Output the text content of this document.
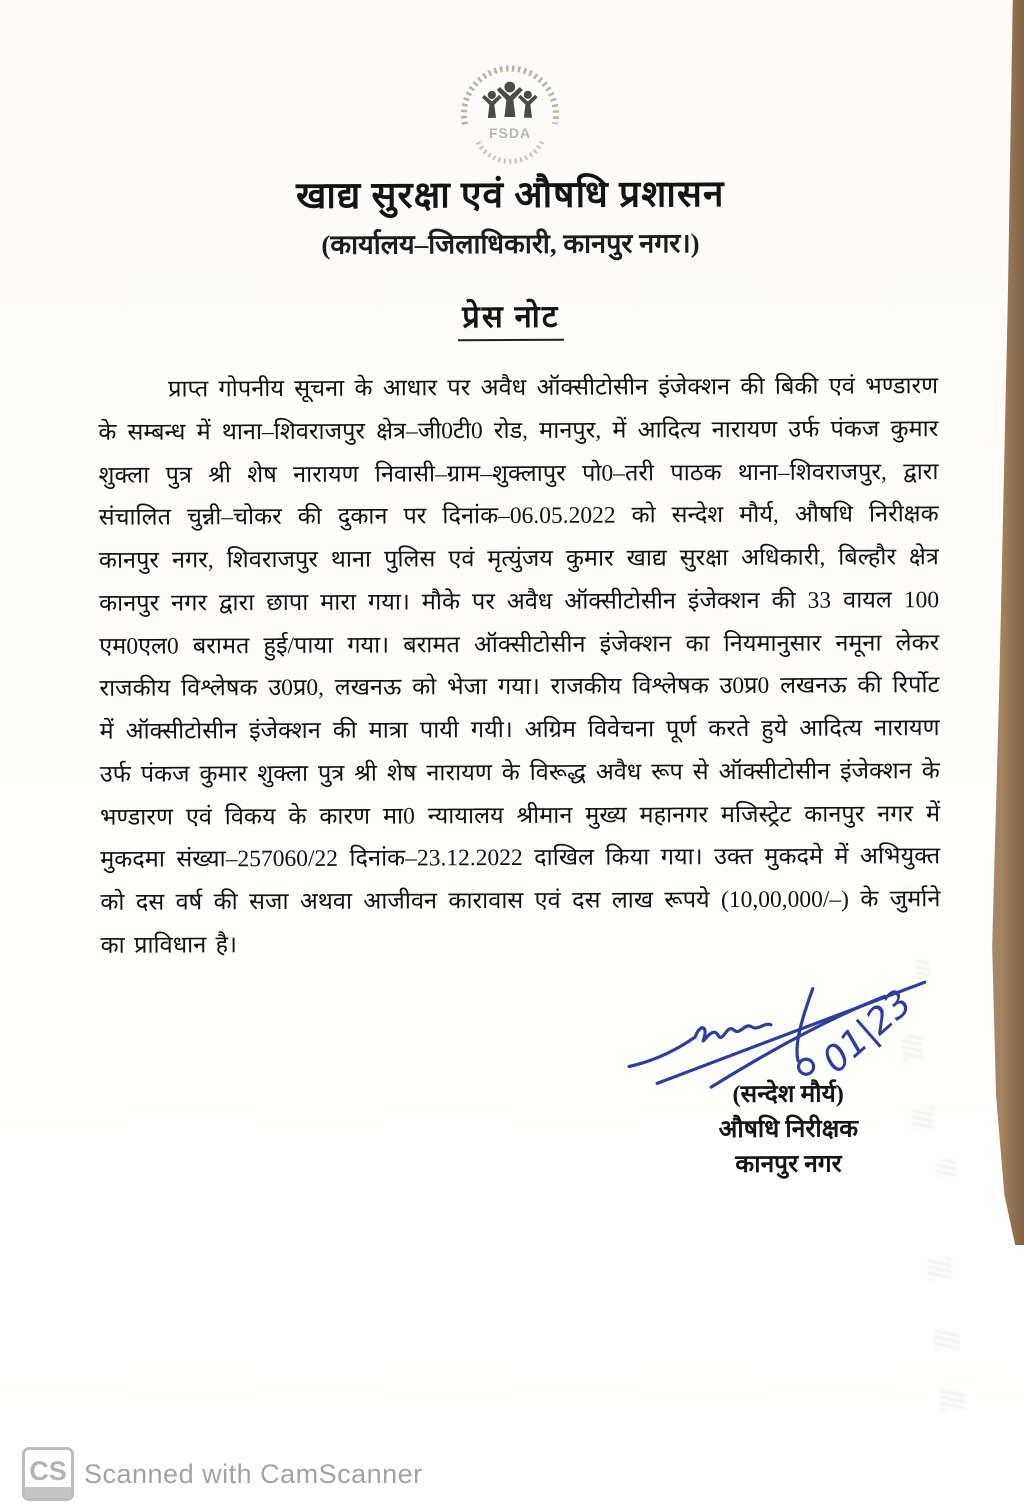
FSDA
खाद्य सुरक्षा एवं औषधि प्रशासन
(कार्यालय–जिलाधिकारी, कानपुर नगर।)
प्रेस नोट
प्राप्त गोपनीय सूचना के आधार पर अवैध ऑक्सीटोसीन इंजेक्शन की बिकी एवं भण्डारण के सम्बन्ध में थाना–शिवराजपुर क्षेत्र–जी0टी0 रोड, मानपुर, में आदित्य नारायण उर्फ पंकज कुमार शुक्ला पुत्र श्री शेष नारायण निवासी–ग्राम–शुक्लापुर पो0–तरी पाठक थाना–शिवराजपुर, द्वारा संचालित चुन्नी–चोकर की दुकान पर दिनांक–06.05.2022 को सन्देश मौर्य, औषधि निरीक्षक कानपुर नगर, शिवराजपुर थाना पुलिस एवं मृत्युंजय कुमार खाद्य सुरक्षा अधिकारी, बिल्हौर क्षेत्र कानपुर नगर द्वारा छापा मारा गया। मौके पर अवैध ऑक्सीटोसीन इंजेक्शन की 33 वायल 100 एम0एल0 बरामत हुई/पाया गया। बरामत ऑक्सीटोसीन इंजेक्शन का नियमानुसार नमूना लेकर राजकीय विश्लेषक उ0प्र0, लखनऊ को भेजा गया। राजकीय विश्लेषक उ0प्र0 लखनऊ की रिर्पोट में ऑक्सीटोसीन इंजेक्शन की मात्रा पायी गयी। अग्रिम विवेचना पूर्ण करते हुये आदित्य नारायण उर्फ पंकज कुमार शुक्ला पुत्र श्री शेष नारायण के विरूद्ध अवैध रूप से ऑक्सीटोसीन इंजेक्शन के भण्डारण एवं विकय के कारण मा0 न्यायालय श्रीमान मुख्य महानगर मजिस्ट्रेट कानपुर नगर में मुकदमा संख्या–257060/22 दिनांक–23.12.2022 दाखिल किया गया। उक्त मुकदमे में अभियुक्त को दस वर्ष की सजा अथवा आजीवन कारावास एवं दस लाख रूपये (10,00,000/–) के जुर्माने का प्राविधान है।
01|23
(सन्देश मौर्य)
औषधि निरीक्षक
कानपुर नगर
CS Scanned with CamScanner
